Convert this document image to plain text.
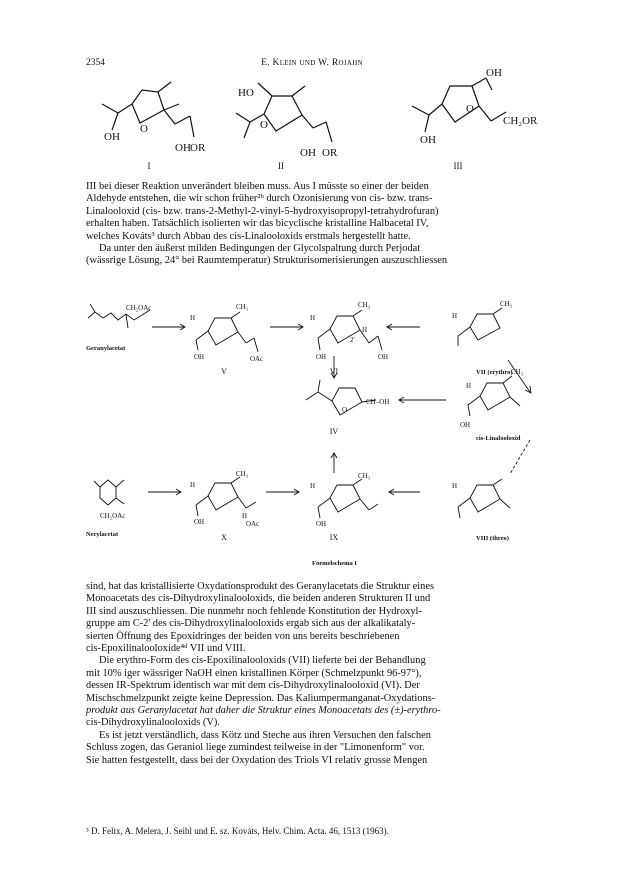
2354	E. Klein und W. Rojahn
O
OH
OH OR
O
HO
OH OR
O
OH
OH
CH₂OR
I	II	III

III bei dieser Reaktion unverändert bleiben muss. Aus I müsste so einer der beiden

Aldehyde entstehen, die wir schon früher²ᵇ durch Ozonisierung von cis- bzw. trans-

Linalooloxid (cis- bzw. trans-2-Methyl-2-vinyl-5-hydroxyisopropyl-tetrahydrofuran)

erhalten haben. Tatsächlich isolierten wir das bicyclische kristalline Halbacetal IV,

welches Kováts³ durch Abbau des cis-Linalooloxids erstmals hergestellt hatte.

Da unter den äußerst milden Bedingungen der Glycolspaltung durch Perjodat

(wässrige Lösung, 24° bei Raumtemperatur) Strukturisomerisierungen auszuschliessen

CH₂OAc
OH	OAc	OH	OH
CH₃	CH₃	CH₃
CH₃
H	H	H
H
H
CH–OH
O
2'
OH
CH₂OAc
OH	OAc	OH
CH₃	CH₃
H	H	H
H
Geranylacetat
Nerylacetat
VII (erythro)
VIII (threo)
cis-Linalooloxid
Formelschema I
V	VI
IV
X	IX

sind, hat das kristallisierte Oxydationsprodukt des Geranylacetats die Struktur eines

Monoacetats des cis-Dihydroxylinalooloxids, die beiden anderen Strukturen II und

III sind auszuschliessen. Die nunmehr noch fehlende Konstitution der Hydroxyl-

gruppe am C-2' des cis-Dihydroxylinalooloxids ergab sich aus der alkalikataly-

sierten Öffnung des Epoxidringes der beiden von uns bereits beschriebenen

cis-Epoxilinalooloxide⁴ᵈ VII und VIII.

Die erythro-Form des cis-Epoxilinalooloxids (VII) lieferte bei der Behandlung

mit 10% iger wässriger NaOH einen kristallinen Körper (Schmelzpunkt 96-97°),

dessen IR-Spektrum identisch war mit dem cis-Dihydroxylinalooloxid (VI). Der

Mischschmelzpunkt zeigte keine Depression. Das Kaliumpermanganat-Oxydations-

produkt aus Geranylacetat hat daher die Struktur eines Monoacetats des (±)-erythro-

cis-Dihydroxylinalooloxids (V).

Es ist jetzt verständlich, dass Kötz und Steche aus ihren Versuchen den falschen

Schluss zogen, das Geraniol liege zumindest teilweise in der "Limonenform" vor.

Sie hatten festgestellt, dass bei der Oxydation des Triols VI relativ grosse Mengen

³ D. Felix, A. Melera, J. Seibl und E. sz. Kováts, Helv. Chim. Acta. 46, 1513 (1963).
